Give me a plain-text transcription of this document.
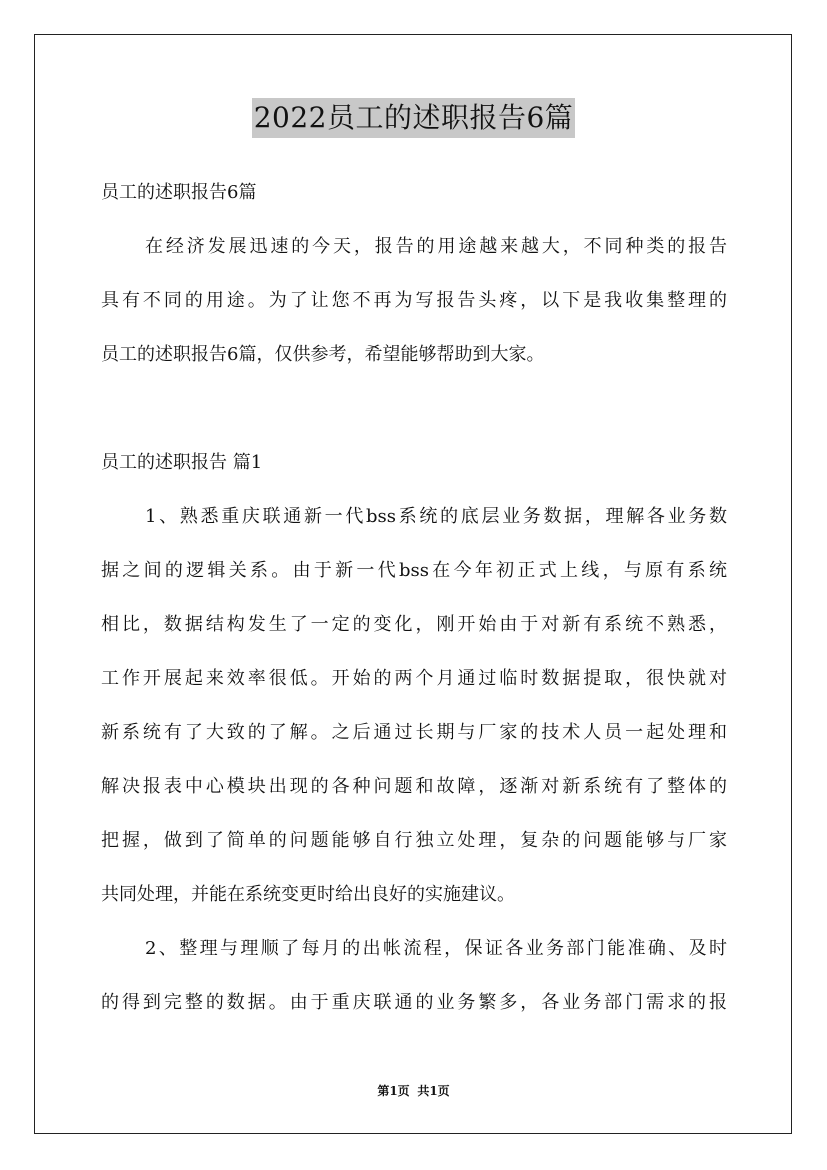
2022员工的述职报告6篇
员工的述职报告6篇
在经济发展迅速的今天，报告的用途越来越大，不同种类的报告
具有不同的用途。为了让您不再为写报告头疼，以下是我收集整理的
员工的述职报告6篇，仅供参考，希望能够帮助到大家。
员工的述职报告 篇1
1、熟悉重庆联通新一代bss系统的底层业务数据，理解各业务数
据之间的逻辑关系。由于新一代bss在今年初正式上线，与原有系统
相比，数据结构发生了一定的变化，刚开始由于对新有系统不熟悉，
工作开展起来效率很低。开始的两个月通过临时数据提取，很快就对
新系统有了大致的了解。之后通过长期与厂家的技术人员一起处理和
解决报表中心模块出现的各种问题和故障，逐渐对新系统有了整体的
把握，做到了简单的问题能够自行独立处理，复杂的问题能够与厂家
共同处理，并能在系统变更时给出良好的实施建议。
2、整理与理顺了每月的出帐流程，保证各业务部门能准确、及时
的得到完整的数据。由于重庆联通的业务繁多，各业务部门需求的报
第1页 共1页
